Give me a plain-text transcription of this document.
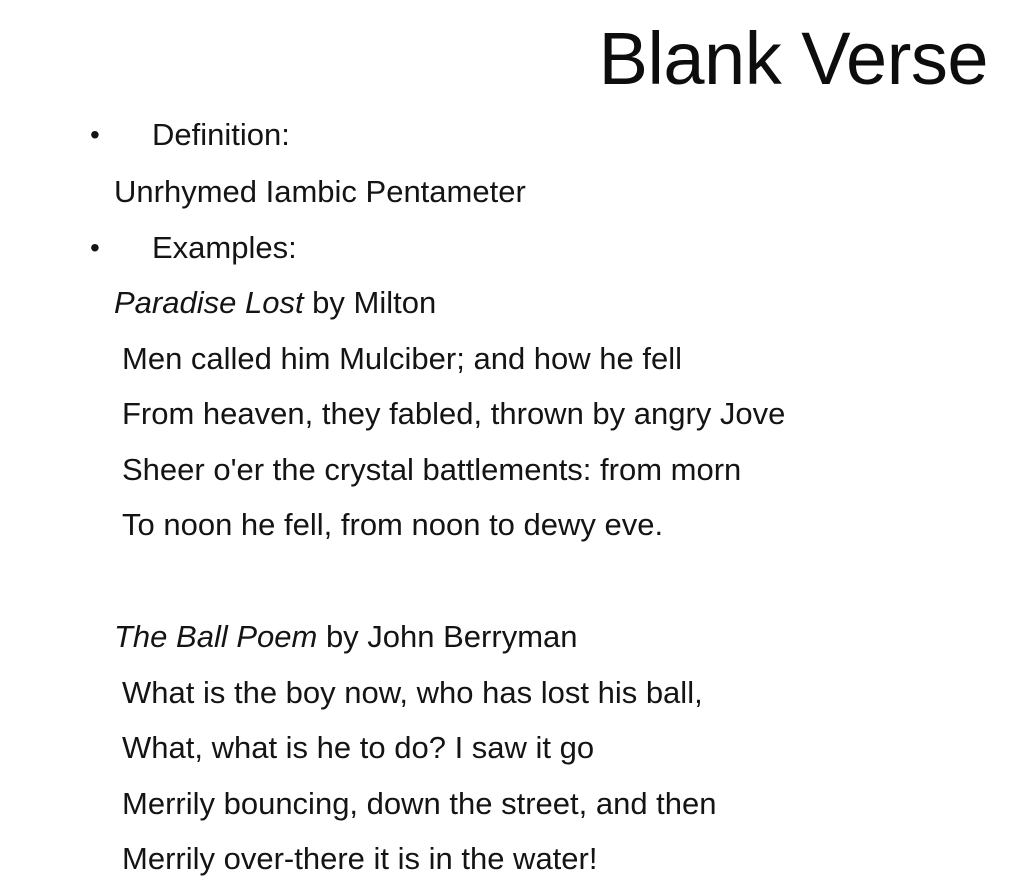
Blank Verse
• Definition:
Unrhymed Iambic Pentameter
• Examples:
Paradise Lost by Milton
Men called him Mulciber; and how he fell
From heaven, they fabled, thrown by angry Jove
Sheer o'er the crystal battlements: from morn
To noon he fell, from noon to dewy eve.
The Ball Poem by John Berryman
What is the boy now, who has lost his ball,
What, what is he to do? I saw it go
Merrily bouncing, down the street, and then
Merrily over-there it is in the water!
